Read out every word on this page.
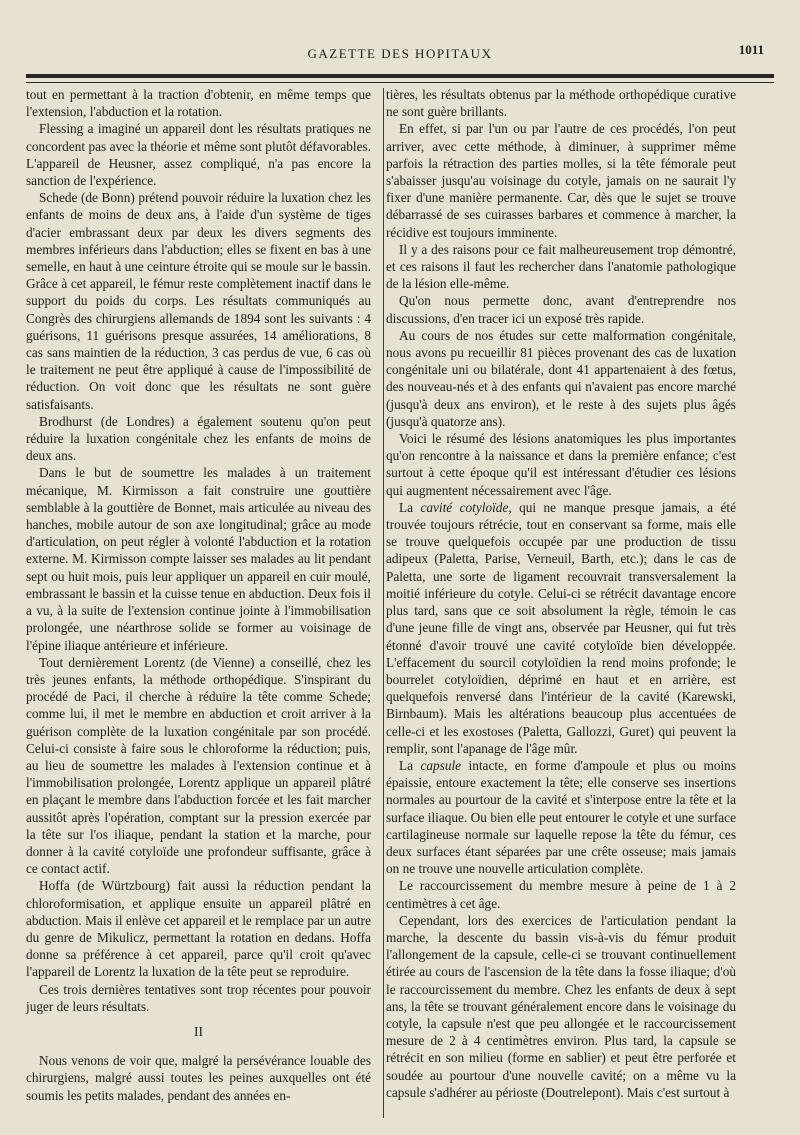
GAZETTE DES HOPITAUX	1011

tout en permettant à la traction d'obtenir, en même temps que l'extension, l'abduction et la rotation.

Flessing a imaginé un appareil dont les résultats pratiques ne concordent pas avec la théorie et même sont plutôt défavorables. L'appareil de Heusner, assez compliqué, n'a pas encore la sanction de l'expérience.

Schede (de Bonn) prétend pouvoir réduire la luxation chez les enfants de moins de deux ans, à l'aide d'un système de tiges d'acier embrassant deux par deux les divers segments des membres inférieurs dans l'abduction; elles se fixent en bas à une semelle, en haut à une ceinture étroite qui se moule sur le bassin. Grâce à cet appareil, le fémur reste complètement inactif dans le support du poids du corps. Les résultats communiqués au Congrès des chirurgiens allemands de 1894 sont les suivants : 4 guérisons, 11 guérisons presque assurées, 14 améliorations, 8 cas sans maintien de la réduction, 3 cas perdus de vue, 6 cas où le traitement ne peut être appliqué à cause de l'impossibilité de réduction. On voit donc que les résultats ne sont guère satisfaisants.

Brodhurst (de Londres) a également soutenu qu'on peut réduire la luxation congénitale chez les enfants de moins de deux ans.

Dans le but de soumettre les malades à un traitement mécanique, M. Kirmisson a fait construire une gouttière semblable à la gouttière de Bonnet, mais articulée au niveau des hanches, mobile autour de son axe longitudinal; grâce au mode d'articulation, on peut régler à volonté l'abduction et la rotation externe. M. Kirmisson compte laisser ses malades au lit pendant sept ou huit mois, puis leur appliquer un appareil en cuir moulé, embrassant le bassin et la cuisse tenue en abduction. Deux fois il a vu, à la suite de l'extension continue jointe à l'immobilisation prolongée, une néarthrose solide se former au voisinage de l'épine iliaque antérieure et inférieure.

Tout dernièrement Lorentz (de Vienne) a conseillé, chez les très jeunes enfants, la méthode orthopédique. S'inspirant du procédé de Paci, il cherche à réduire la tête comme Schede; comme lui, il met le membre en abduction et croit arriver à la guérison complète de la luxation congénitale par son procédé. Celui-ci consiste à faire sous le chloroforme la réduction; puis, au lieu de soumettre les malades à l'extension continue et à l'immobilisation prolongée, Lorentz applique un appareil plâtré en plaçant le membre dans l'abduction forcée et les fait marcher aussitôt après l'opération, comptant sur la pression exercée par la tête sur l'os iliaque, pendant la station et la marche, pour donner à la cavité cotyloïde une profondeur suffisante, grâce à ce contact actif.

Hoffa (de Würtzbourg) fait aussi la réduction pendant la chloroformisation, et applique ensuite un appareil plâtré en abduction. Mais il enlève cet appareil et le remplace par un autre du genre de Mikulicz, permettant la rotation en dedans. Hoffa donne sa préférence à cet appareil, parce qu'il croit qu'avec l'appareil de Lorentz la luxation de la tête peut se reproduire.

Ces trois dernières tentatives sont trop récentes pour pouvoir juger de leurs résultats.

II

Nous venons de voir que, malgré la persévérance louable des chirurgiens, malgré aussi toutes les peines auxquelles ont été soumis les petits malades, pendant des années en-

tières, les résultats obtenus par la méthode orthopédique curative ne sont guère brillants.

En effet, si par l'un ou par l'autre de ces procédés, l'on peut arriver, avec cette méthode, à diminuer, à supprimer même parfois la rétraction des parties molles, si la tête fémorale peut s'abaisser jusqu'au voisinage du cotyle, jamais on ne saurait l'y fixer d'une manière permanente. Car, dès que le sujet se trouve débarrassé de ses cuirasses barbares et commence à marcher, la récidive est toujours imminente.

Il y a des raisons pour ce fait malheureusement trop démontré, et ces raisons il faut les rechercher dans l'anatomie pathologique de la lésion elle-même.

Qu'on nous permette donc, avant d'entreprendre nos discussions, d'en tracer ici un exposé très rapide.

Au cours de nos études sur cette malformation congénitale, nous avons pu recueillir 81 pièces provenant des cas de luxation congénitale uni ou bilatérale, dont 41 appartenaient à des fœtus, des nouveau-nés et à des enfants qui n'avaient pas encore marché (jusqu'à deux ans environ), et le reste à des sujets plus âgés (jusqu'à quatorze ans).

Voici le résumé des lésions anatomiques les plus importantes qu'on rencontre à la naissance et dans la première enfance; c'est surtout à cette époque qu'il est intéressant d'étudier ces lésions qui augmentent nécessairement avec l'âge.

La cavité cotyloïde, qui ne manque presque jamais, a été trouvée toujours rétrécie, tout en conservant sa forme, mais elle se trouve quelquefois occupée par une production de tissu adipeux (Paletta, Parise, Verneuil, Barth, etc.); dans le cas de Paletta, une sorte de ligament recouvrait transversalement la moitié inférieure du cotyle. Celui-ci se rétrécit davantage encore plus tard, sans que ce soit absolument la règle, témoin le cas d'une jeune fille de vingt ans, observée par Heusner, qui fut très étonné d'avoir trouvé une cavité cotyloïde bien développée. L'effacement du sourcil cotyloïdien la rend moins profonde; le bourrelet cotyloïdien, déprimé en haut et en arrière, est quelquefois renversé dans l'intérieur de la cavité (Karewski, Birnbaum). Mais les altérations beaucoup plus accentuées de celle-ci et les exostoses (Paletta, Gallozzi, Guret) qui peuvent la remplir, sont l'apanage de l'âge mûr.

La capsule intacte, en forme d'ampoule et plus ou moins épaissie, entoure exactement la tête; elle conserve ses insertions normales au pourtour de la cavité et s'interpose entre la tête et la surface iliaque. Ou bien elle peut entourer le cotyle et une surface cartilagineuse normale sur laquelle repose la tête du fémur, ces deux surfaces étant séparées par une crête osseuse; mais jamais on ne trouve une nouvelle articulation complète.

Le raccourcissement du membre mesure à peine de 1 à 2 centimètres à cet âge.

Cependant, lors des exercices de l'articulation pendant la marche, la descente du bassin vis-à-vis du fémur produit l'allongement de la capsule, celle-ci se trouvant continuellement étirée au cours de l'ascension de la tête dans la fosse iliaque; d'où le raccourcissement du membre. Chez les enfants de deux à sept ans, la tête se trouvant généralement encore dans le voisinage du cotyle, la capsule n'est que peu allongée et le raccourcissement mesure de 2 à 4 centimètres environ. Plus tard, la capsule se rétrécit en son milieu (forme en sablier) et peut être perforée et soudée au pourtour d'une nouvelle cavité; on a même vu la capsule s'adhérer au périoste (Doutrelepont). Mais c'est surtout à
